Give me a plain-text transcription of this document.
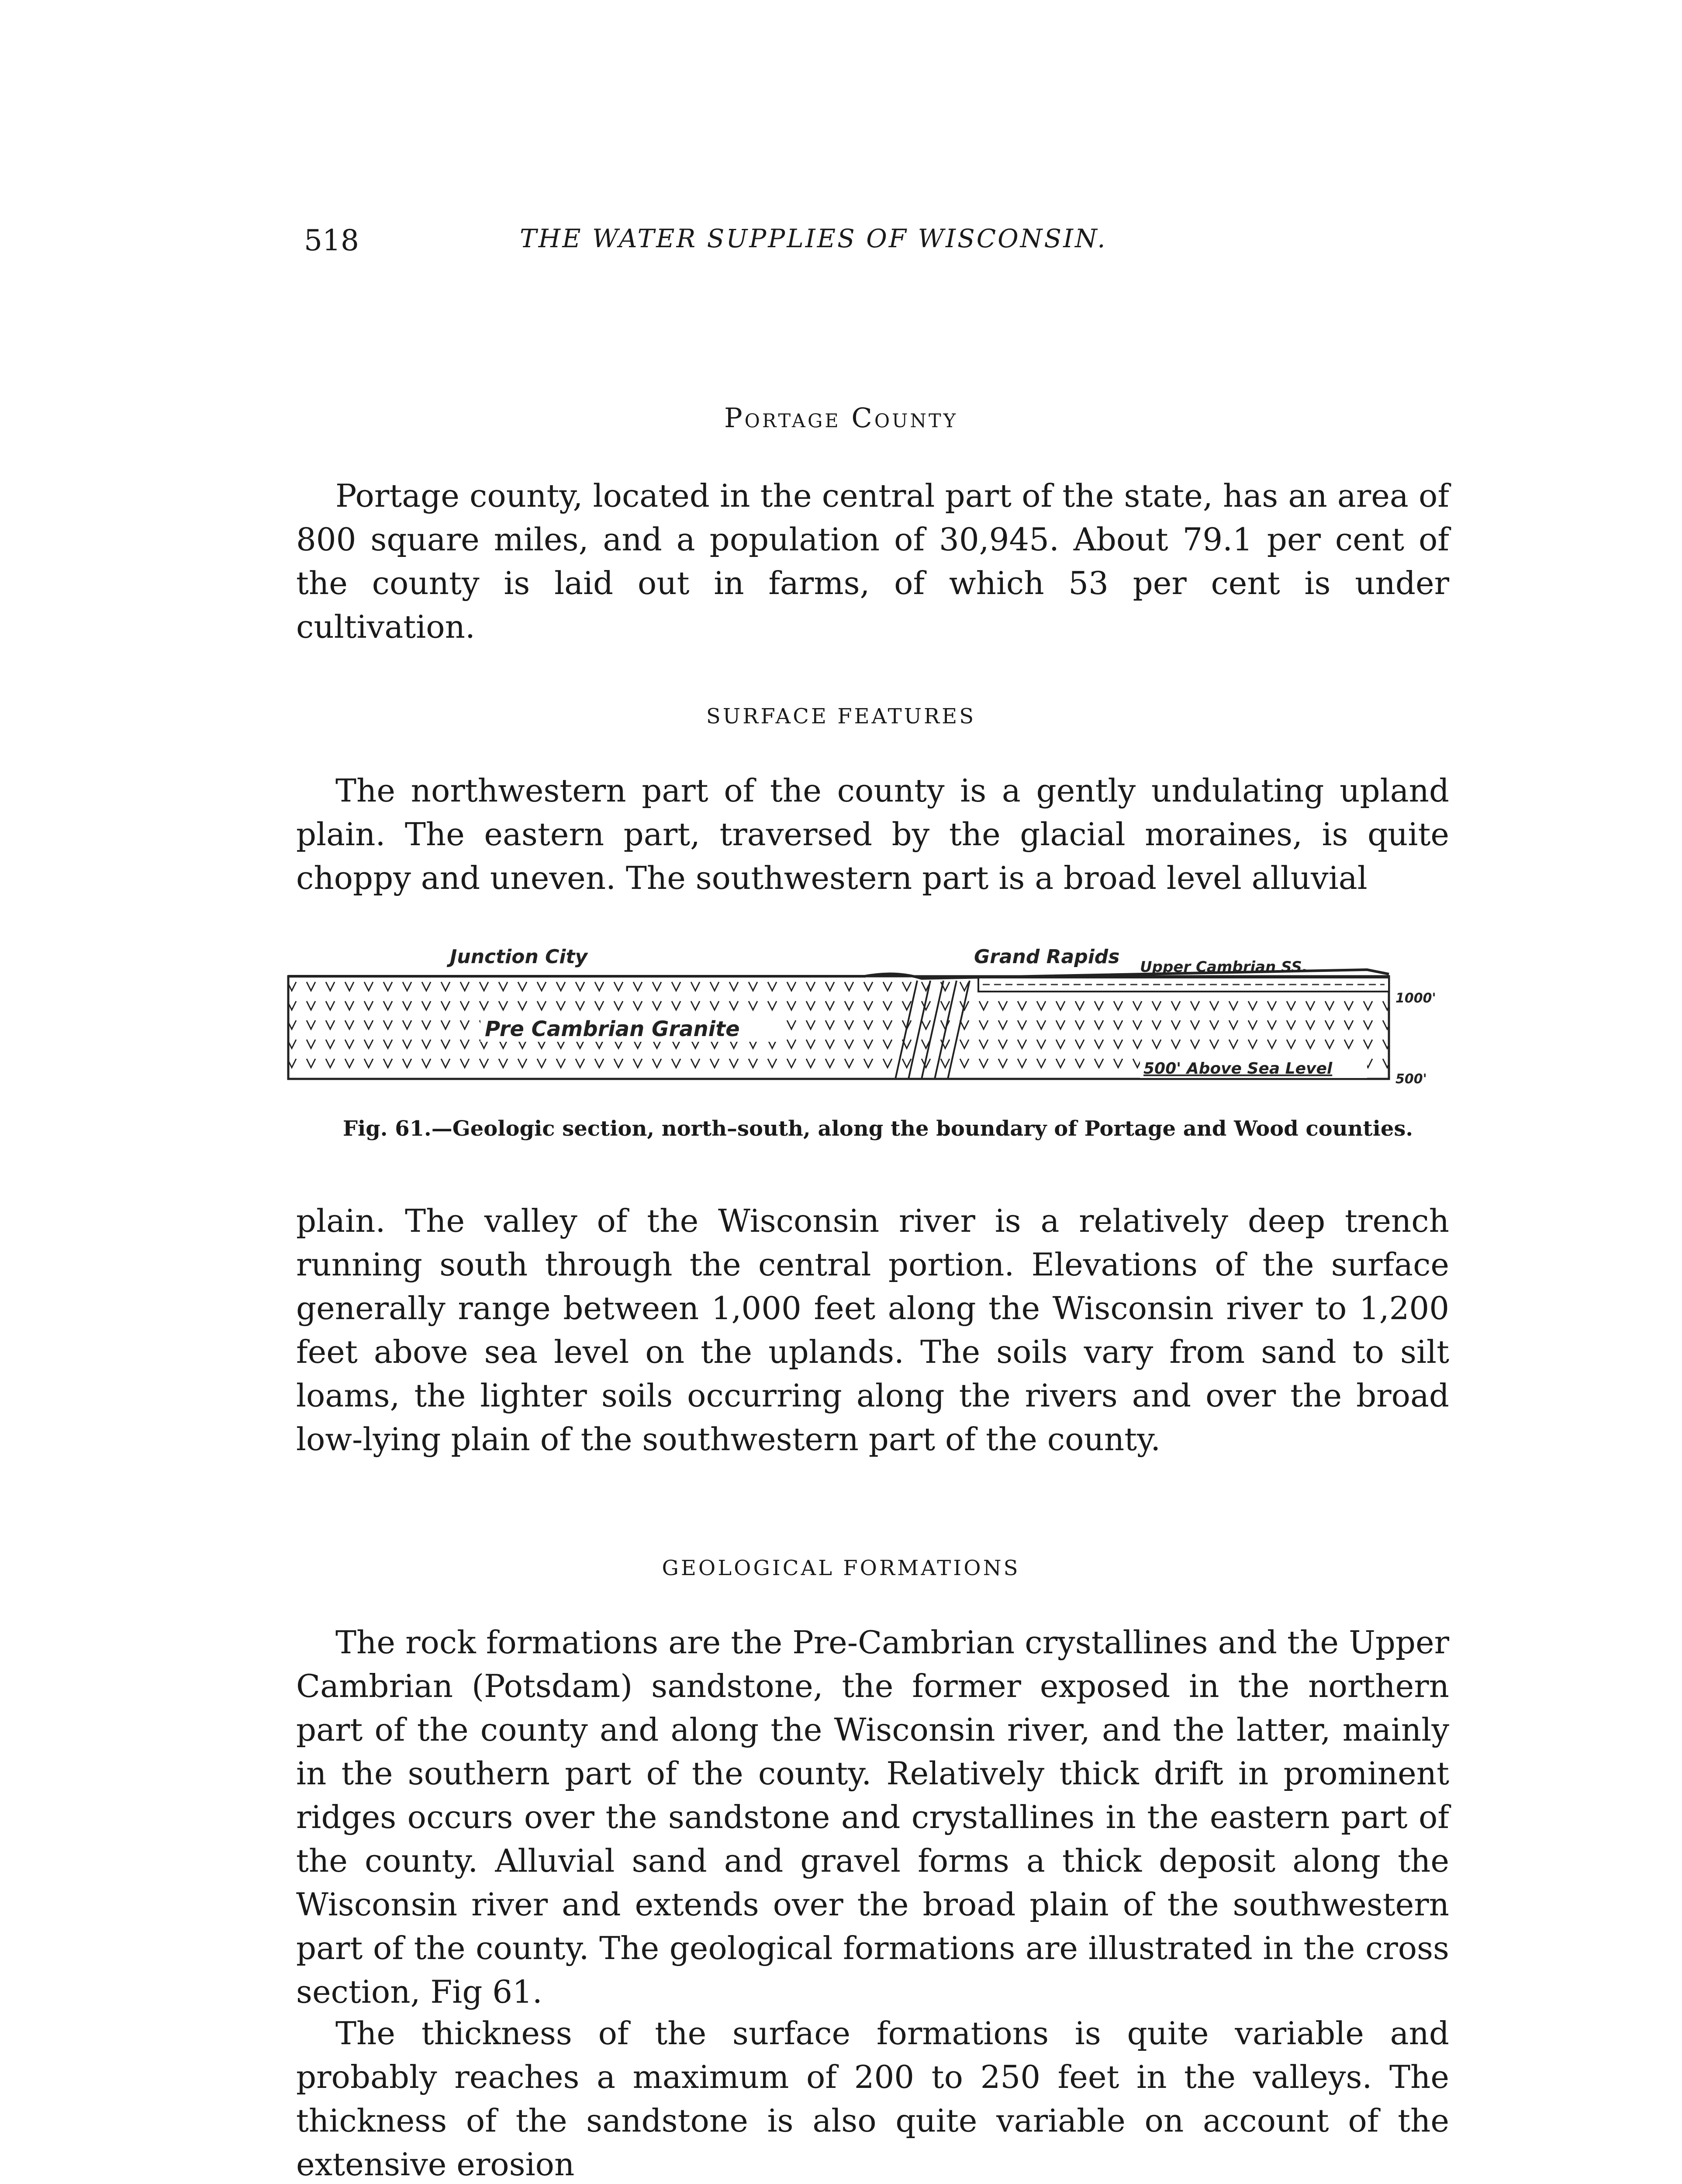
518	THE WATER SUPPLIES OF WISCONSIN.
Portage County

Portage county, located in the central part of the state, has an area of 800 square miles, and a population of 30,945. About 79.1 per cent of the county is laid out in farms, of which 53 per cent is under cultivation.

SURFACE FEATURES

The northwestern part of the county is a gently undulating upland plain. The eastern part, traversed by the glacial moraines, is quite choppy and uneven. The southwestern part is a broad level alluvial

Junction City	Grand Rapids Upper Cambrian SS.
Pre Cambrian Granite
500' Above Sea Level
1000'
500'
Fig. 61.—Geologic section, north–south, along the boundary of Portage and Wood counties.

plain. The valley of the Wisconsin river is a relatively deep trench running south through the central portion. Elevations of the surface generally range between 1,000 feet along the Wisconsin river to 1,200 feet above sea level on the uplands. The soils vary from sand to silt loams, the lighter soils occurring along the rivers and over the broad low-lying plain of the southwestern part of the county.

GEOLOGICAL FORMATIONS

The rock formations are the Pre-Cambrian crystallines and the Upper Cambrian (Potsdam) sandstone, the former exposed in the northern part of the county and along the Wisconsin river, and the latter, mainly in the southern part of the county. Relatively thick drift in prominent ridges occurs over the sandstone and crystallines in the eastern part of the county. Alluvial sand and gravel forms a thick deposit along the Wisconsin river and extends over the broad plain of the southwestern part of the county. The geological formations are illustrated in the cross section, Fig 61.

The thickness of the surface formations is quite variable and probably reaches a maximum of 200 to 250 feet in the valleys. The thickness of the sandstone is also quite variable on account of the extensive erosion
